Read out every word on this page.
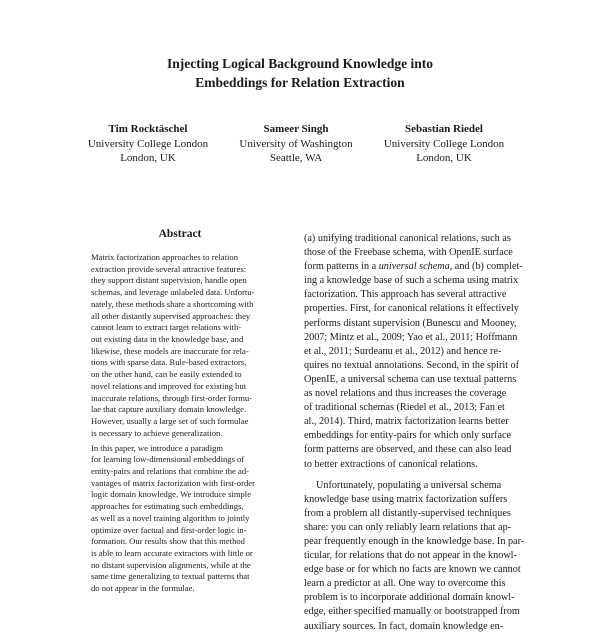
Injecting Logical Background Knowledge into
Embeddings for Relation Extraction
Tim Rocktäschel
University College London
London, UK
Sameer Singh
University of Washington
Seattle, WA
Sebastian Riedel
University College London
London, UK
Abstract
Matrix factorization approaches to relation
extraction provide several attractive features:
they support distant supervision, handle open
schemas, and leverage unlabeled data. Unfortu-
nately, these methods share a shortcoming with
all other distantly supervised approaches: they
cannot learn to extract target relations with-
out existing data in the knowledge base, and
likewise, these models are inaccurate for rela-
tions with sparse data. Rule-based extractors,
on the other hand, can be easily extended to
novel relations and improved for existing but
inaccurate relations, through first-order formu-
lae that capture auxiliary domain knowledge.
However, usually a large set of such formulae
is necessary to achieve generalization.
In this paper, we introduce a paradigm
for learning low-dimensional embeddings of
entity-pairs and relations that combine the ad-
vantages of matrix factorization with first-order
logic domain knowledge. We introduce simple
approaches for estimating such embeddings,
as well as a novel training algorithm to jointly
optimize over factual and first-order logic in-
formation. Our results show that this method
is able to learn accurate extractors with little or
no distant supervision alignments, while at the
same time generalizing to textual patterns that
do not appear in the formulae.
(a) unifying traditional canonical relations, such as
those of the Freebase schema, with OpenIE surface
form patterns in a universal schema, and (b) complet-
ing a knowledge base of such a schema using matrix
factorization. This approach has several attractive
properties. First, for canonical relations it effectively
performs distant supervision (Bunescu and Mooney,
2007; Mintz et al., 2009; Yao et al., 2011; Hoffmann
et al., 2011; Surdeanu et al., 2012) and hence re-
quires no textual annotations. Second, in the spirit of
OpenIE, a universal schema can use textual patterns
as novel relations and thus increases the coverage
of traditional schemas (Riedel et al., 2013; Fan et
al., 2014). Third, matrix factorization learns better
embeddings for entity-pairs for which only surface
form patterns are observed, and these can also lead
to better extractions of canonical relations.
Unfortunately, populating a universal schema
knowledge base using matrix factorization suffers
from a problem all distantly-supervised techniques
share: you can only reliably learn relations that ap-
pear frequently enough in the knowledge base. In par-
ticular, for relations that do not appear in the knowl-
edge base or for which no facts are known we cannot
learn a predictor at all. One way to overcome this
problem is to incorporate additional domain knowl-
edge, either specified manually or bootstrapped from
auxiliary sources. In fact, domain knowledge en-
